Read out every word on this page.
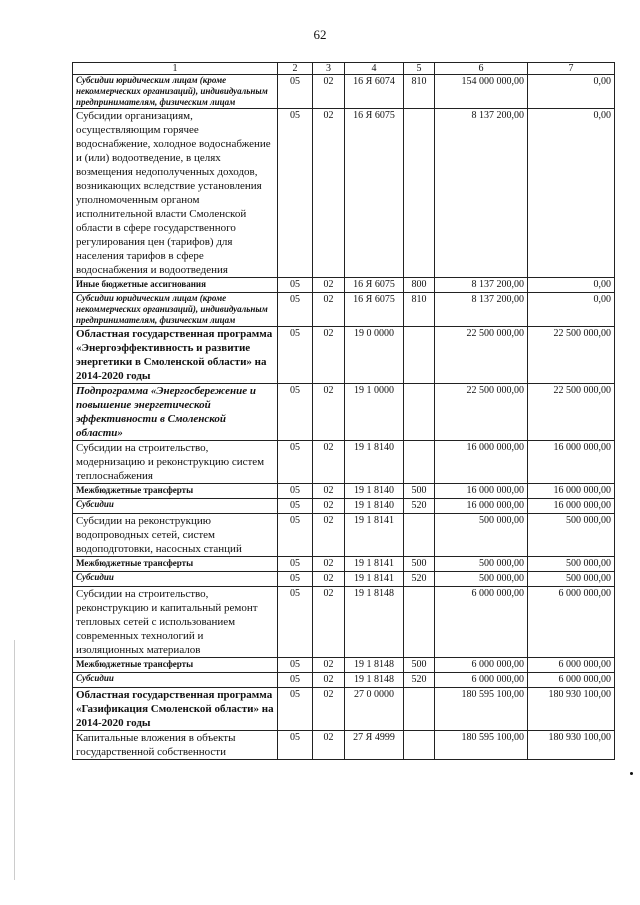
62
1	2	3	4	5	6	7
Субсидии юридическим лицам (кроме некоммерческих организаций), индивидуальным предпринимателям, физическим лицам	05	02	16 Я 6074	810	154 000 000,00	0,00
Субсидии организациям, осуществляющим горячее водоснабжение, холодное водоснабжение и (или) водоотведение, в целях возмещения недополученных доходов, возникающих вследствие установления уполномоченным органом исполнительной власти Смоленской области в сфере государственного регулирования цен (тарифов) для населения тарифов в сфере водоснабжения и водоотведения	05	02	16 Я 6075		8 137 200,00	0,00
Иные бюджетные ассигнования	05	02	16 Я 6075	800	8 137 200,00	0,00
Субсидии юридическим лицам (кроме некоммерческих организаций), индивидуальным предпринимателям, физическим лицам	05	02	16 Я 6075	810	8 137 200,00	0,00
Областная государственная программа «Энергоэффективность и развитие энергетики в Смоленской области» на 2014-2020 годы	05	02	19 0 0000		22 500 000,00	22 500 000,00
Подпрограмма «Энергосбережение и повышение энергетической эффективности в Смоленской области»	05	02	19 1 0000		22 500 000,00	22 500 000,00
Субсидии на строительство, модернизацию и реконструкцию систем теплоснабжения	05	02	19 1 8140		16 000 000,00	16 000 000,00
Межбюджетные трансферты	05	02	19 1 8140	500	16 000 000,00	16 000 000,00
Субсидии	05	02	19 1 8140	520	16 000 000,00	16 000 000,00
Субсидии на реконструкцию водопроводных сетей, систем водоподготовки, насосных станций	05	02	19 1 8141		500 000,00	500 000,00
Межбюджетные трансферты	05	02	19 1 8141	500	500 000,00	500 000,00
Субсидии	05	02	19 1 8141	520	500 000,00	500 000,00
Субсидии на строительство, реконструкцию и капитальный ремонт тепловых сетей с использованием современных технологий и изоляционных материалов	05	02	19 1 8148		6 000 000,00	6 000 000,00
Межбюджетные трансферты	05	02	19 1 8148	500	6 000 000,00	6 000 000,00
Субсидии	05	02	19 1 8148	520	6 000 000,00	6 000 000,00
Областная государственная программа «Газификация Смоленской области» на 2014-2020 годы	05	02	27 0 0000		180 595 100,00	180 930 100,00
Капитальные вложения в объекты государственной собственности	05	02	27 Я 4999		180 595 100,00	180 930 100,00
